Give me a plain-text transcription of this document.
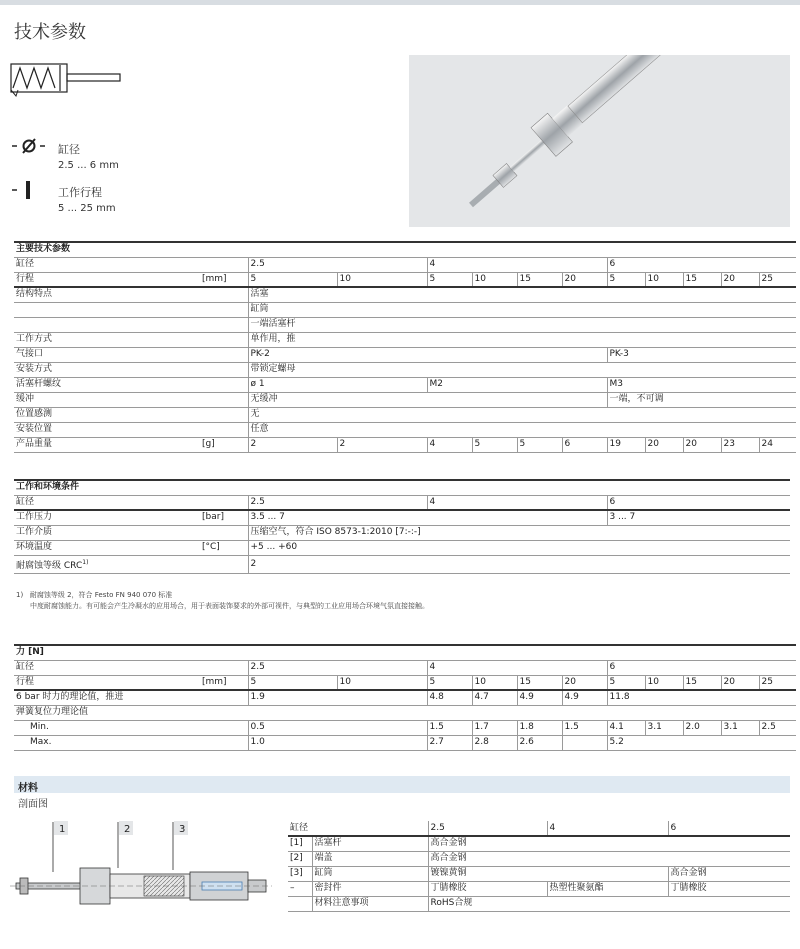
技术参数
缸径
2.5 ... 6 mm
工作行程
5 ... 25 mm
主要技术参数												
缸径		2.5		4				6				
行程	[mm]	5	10	5	10	15	20	5	10	15	20	25
结构特点		活塞										
		缸筒										
		一端活塞杆										
工作方式		单作用，推										
气接口		PK-2						PK-3				
安装方式		带锁定螺母										
活塞杆螺纹		ø 1		M2				M3				
缓冲		无缓冲						一端，不可调				
位置感测		无										
安装位置		任意										
产品重量	[g]	2	2	4	5	5	6	19	20	20	23	24
工作和环境条件				
缸径		2.5	4	6
工作压力	[bar]	3.5 ... 7		3 ... 7
工作介质		压缩空气，符合 ISO 8573-1:2010 [7:-:-]		
环境温度	[°C]	+5 ... +60		
耐腐蚀等级 CRC$^{1)}$		2		
1) 耐腐蚀等级 2，符合 Festo FN 940 070 标准
中度耐腐蚀能力。有可能会产生冷凝水的应用场合，用于表面装饰要求的外部可视件，与典型的工业应用场合环境气氛直接接触。
力 [N]												
缸径		2.5		4				6				
行程	[mm]	5	10	5	10	15	20	5	10	15	20	25
6 bar 时力的理论值，推进		1.9		4.8	4.7	4.9	4.9	11.8				
弹簧复位力理论值												
Min.		0.5		1.5	1.7	1.8	1.5	4.1	3.1	2.0	3.1	2.5
Max.		1.0		2.7	2.8	2.6		5.2				
材料
剖面图
1	2	3	缸径		2.5	4	6
[1]	活塞杆	高合金钢		
[2]	端盖	高合金钢		
[3]	缸筒	镀镍黄铜		高合金钢
–	密封件	丁腈橡胶	热塑性聚氨酯	丁腈橡胶
	材料注意事项	RoHS合规		
